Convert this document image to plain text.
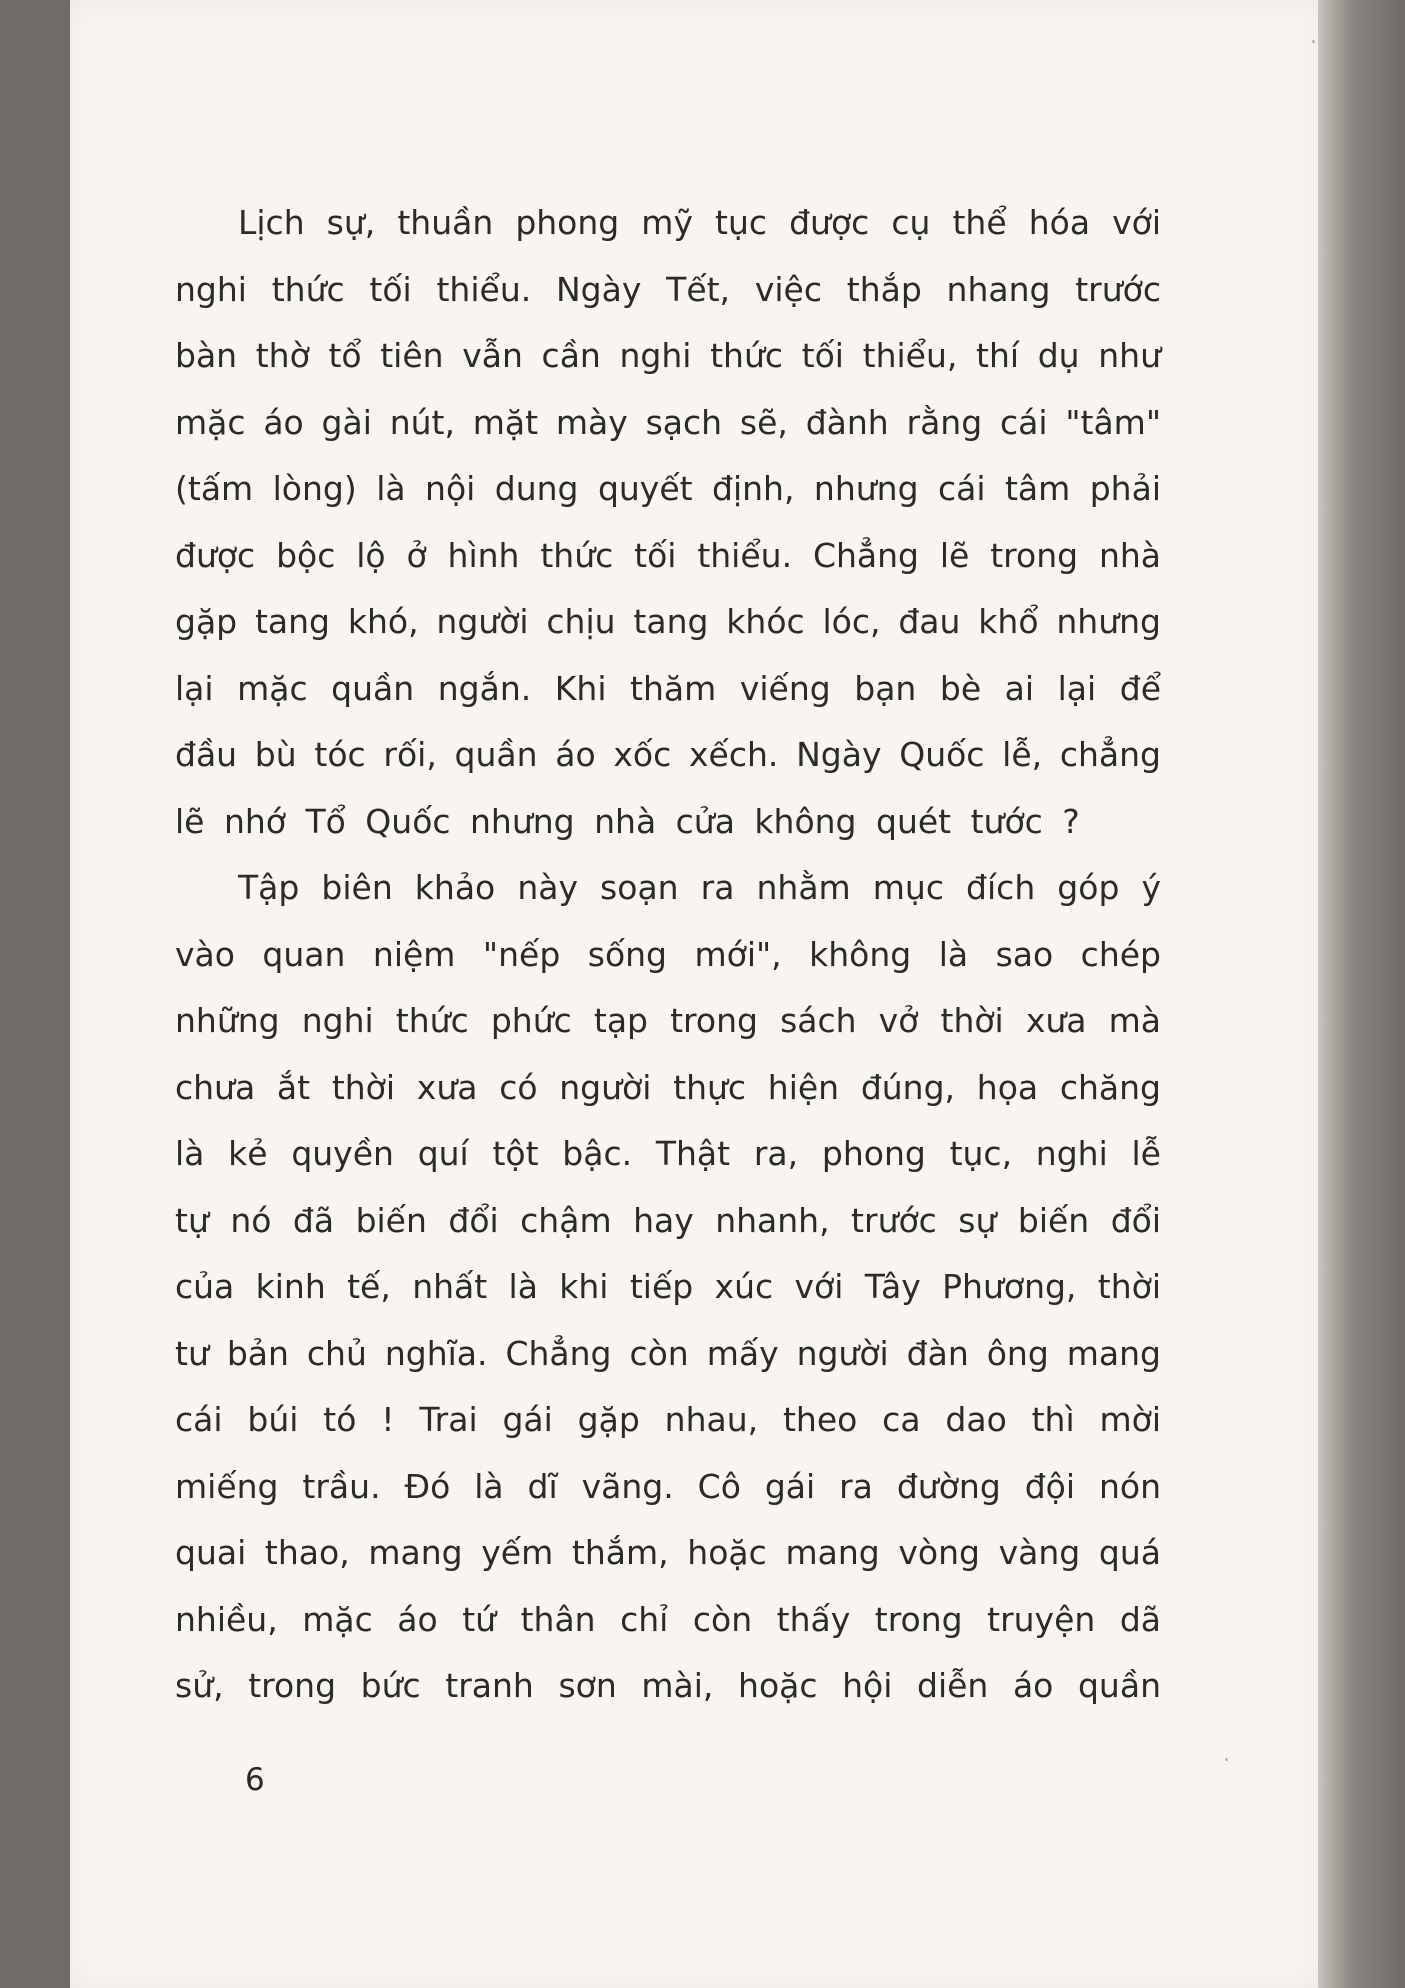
Lịch sự, thuần phong mỹ tục được cụ thể hóa với
nghi thức tối thiểu. Ngày Tết, việc thắp nhang trước
bàn thờ tổ tiên vẫn cần nghi thức tối thiểu, thí dụ như
mặc áo gài nút, mặt mày sạch sẽ, đành rằng cái "tâm"
(tấm lòng) là nội dung quyết định, nhưng cái tâm phải
được bộc lộ ở hình thức tối thiểu. Chẳng lẽ trong nhà
gặp tang khó, người chịu tang khóc lóc, đau khổ nhưng
lại mặc quần ngắn. Khi thăm viếng bạn bè ai lại để
đầu bù tóc rối, quần áo xốc xếch. Ngày Quốc lễ, chẳng
lẽ nhớ Tổ Quốc nhưng nhà cửa không quét tước ?
Tập biên khảo này soạn ra nhằm mục đích góp ý
vào quan niệm "nếp sống mới", không là sao chép
những nghi thức phức tạp trong sách vở thời xưa mà
chưa ắt thời xưa có người thực hiện đúng, họa chăng
là kẻ quyền quí tột bậc. Thật ra, phong tục, nghi lễ
tự nó đã biến đổi chậm hay nhanh, trước sự biến đổi
của kinh tế, nhất là khi tiếp xúc với Tây Phương, thời
tư bản chủ nghĩa. Chẳng còn mấy người đàn ông mang
cái búi tó ! Trai gái gặp nhau, theo ca dao thì mời
miếng trầu. Đó là dĩ vãng. Cô gái ra đường đội nón
quai thao, mang yếm thắm, hoặc mang vòng vàng quá
nhiều, mặc áo tứ thân chỉ còn thấy trong truyện dã
sử, trong bức tranh sơn mài, hoặc hội diễn áo quần
6
